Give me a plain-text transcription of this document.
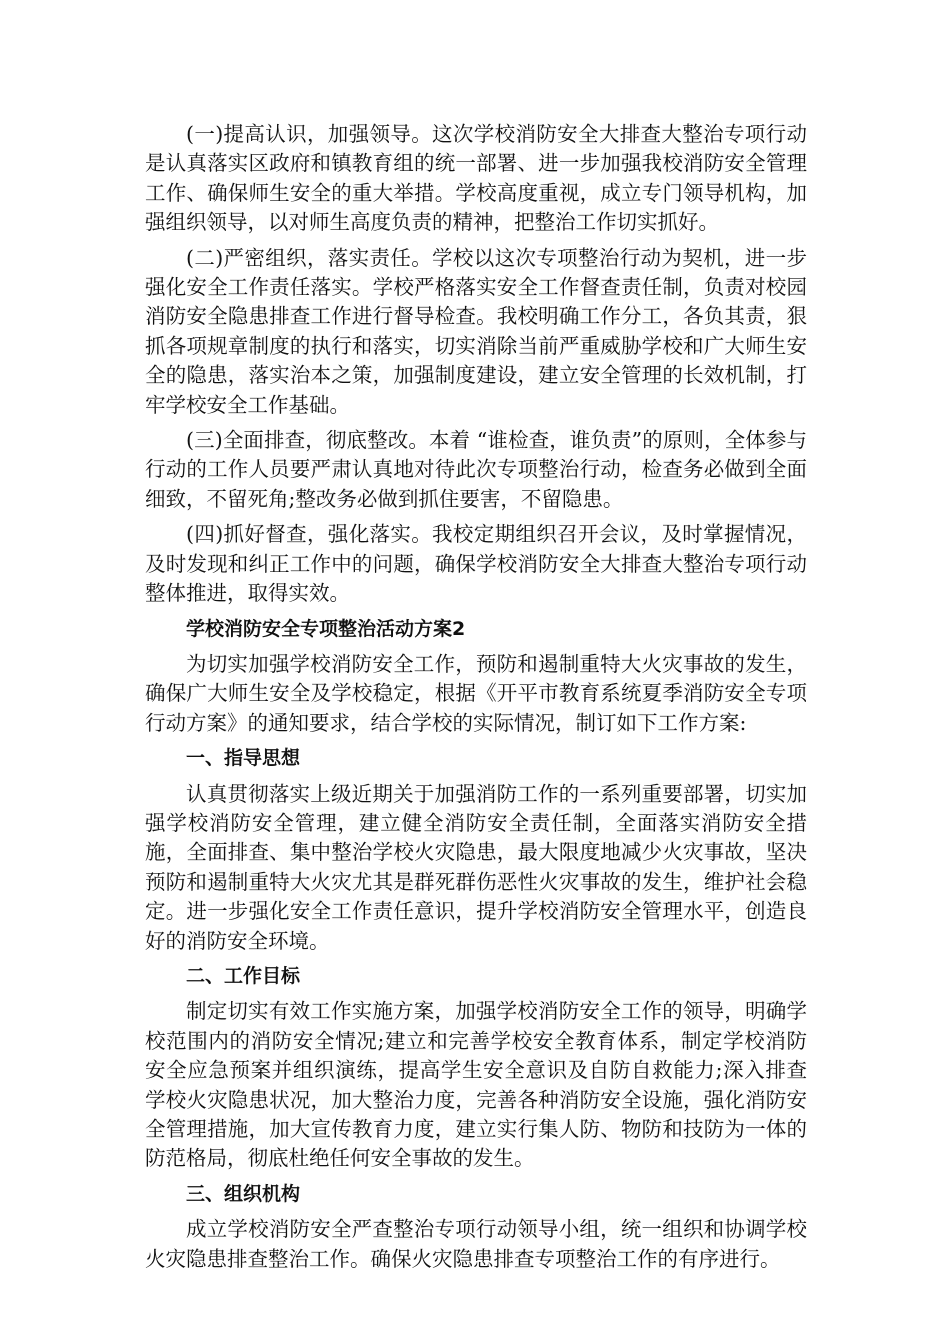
(一)提高认识，加强领导。这次学校消防安全大排查大整治专项行动是认真落实区政府和镇教育组的统一部署、进一步加强我校消防安全管理工作、确保师生安全的重大举措。学校高度重视，成立专门领导机构，加强组织领导，以对师生高度负责的精神，把整治工作切实抓好。

(二)严密组织，落实责任。学校以这次专项整治行动为契机，进一步强化安全工作责任落实。学校严格落实安全工作督查责任制，负责对校园消防安全隐患排查工作进行督导检查。我校明确工作分工，各负其责，狠抓各项规章制度的执行和落实，切实消除当前严重威胁学校和广大师生安全的隐患，落实治本之策，加强制度建设，建立安全管理的长效机制，打牢学校安全工作基础。

(三)全面排查，彻底整改。本着 “谁检查，谁负责”的原则，全体参与行动的工作人员要严肃认真地对待此次专项整治行动，检查务必做到全面细致，不留死角;整改务必做到抓住要害，不留隐患。

(四)抓好督查，强化落实。我校定期组织召开会议，及时掌握情况，及时发现和纠正工作中的问题，确保学校消防安全大排查大整治专项行动整体推进，取得实效。

学校消防安全专项整治活动方案2

为切实加强学校消防安全工作，预防和遏制重特大火灾事故的发生，确保广大师生安全及学校稳定，根据《开平市教育系统夏季消防安全专项行动方案》的通知要求，结合学校的实际情况，制订如下工作方案:

一、指导思想

认真贯彻落实上级近期关于加强消防工作的一系列重要部署，切实加强学校消防安全管理，建立健全消防安全责任制，全面落实消防安全措施，全面排查、集中整治学校火灾隐患，最大限度地减少火灾事故，坚决预防和遏制重特大火灾尤其是群死群伤恶性火灾事故的发生，维护社会稳定。进一步强化安全工作责任意识，提升学校消防安全管理水平，创造良好的消防安全环境。

二、工作目标

制定切实有效工作实施方案，加强学校消防安全工作的领导，明确学校范围内的消防安全情况;建立和完善学校安全教育体系，制定学校消防安全应急预案并组织演练，提高学生安全意识及自防自救能力;深入排查学校火灾隐患状况，加大整治力度，完善各种消防安全设施，强化消防安全管理措施，加大宣传教育力度，建立实行集人防、物防和技防为一体的防范格局，彻底杜绝任何安全事故的发生。

三、组织机构

成立学校消防安全严查整治专项行动领导小组，统一组织和协调学校火灾隐患排查整治工作。确保火灾隐患排查专项整治工作的有序进行。
